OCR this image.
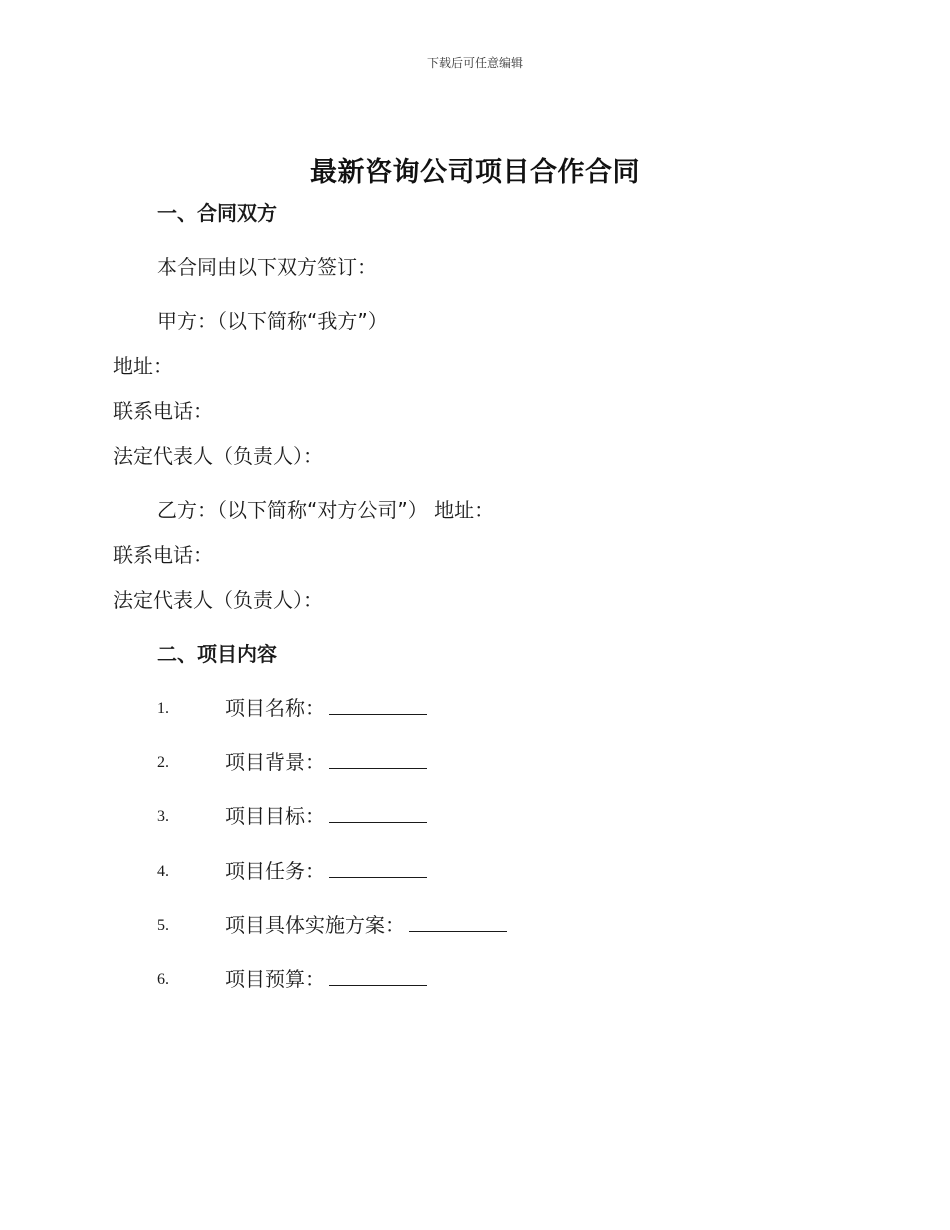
下载后可任意编辑
最新咨询公司项目合作合同
一、合同双方
本合同由以下双方签订：
甲方：（以下简称“我方”）
地址：
联系电话：
法定代表人（负责人）：
乙方：（以下简称“对方公司”） 地址：
联系电话：
法定代表人（负责人）：
二、项目内容
1.	项目名称：
2.	项目背景：
3.	项目目标：
4.	项目任务：
5.	项目具体实施方案：
6.	项目预算：
